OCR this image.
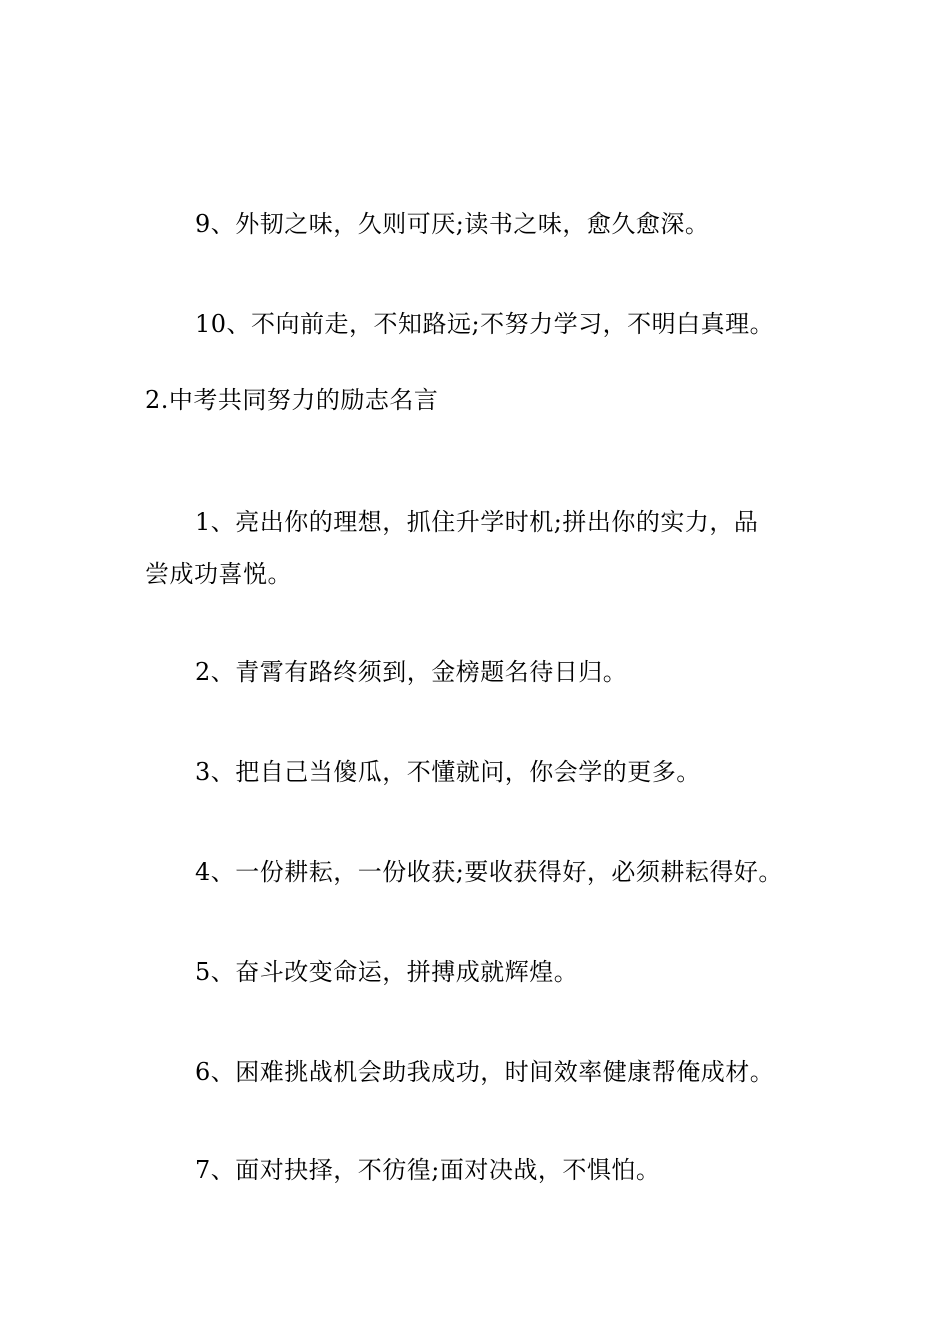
9、外韧之味，久则可厌;读书之味，愈久愈深。

10、不向前走，不知路远;不努力学习，不明白真理。

2.中考共同努力的励志名言

1、亮出你的理想，抓住升学时机;拼出你的实力，品

尝成功喜悦。

2、青霄有路终须到，金榜题名待日归。

3、把自己当傻瓜，不懂就问，你会学的更多。

4、一份耕耘，一份收获;要收获得好，必须耕耘得好。

5、奋斗改变命运，拼搏成就辉煌。

6、困难挑战机会助我成功，时间效率健康帮俺成材。

7、面对抉择，不彷徨;面对决战，不惧怕。
